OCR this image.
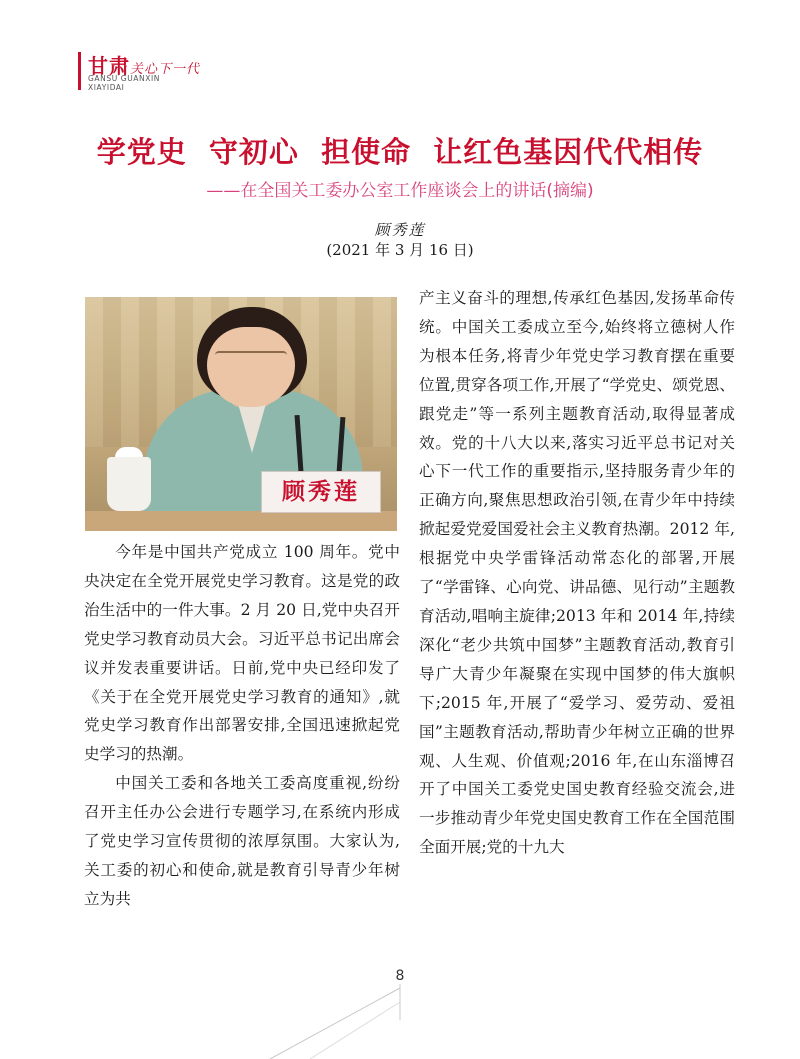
甘肃关心下一代
GANSU GUANXIN
XIAYIDAI
学党史  守初心  担使命  让红色基因代代相传
——在全国关工委办公室工作座谈会上的讲话(摘编)
顾秀莲
(2021 年 3 月 16 日)
顾秀莲

今年是中国共产党成立 100 周年。党中央决定在全党开展党史学习教育。这是党的政治生活中的一件大事。2 月 20 日,党中央召开党史学习教育动员大会。习近平总书记出席会议并发表重要讲话。日前,党中央已经印发了《关于在全党开展党史学习教育的通知》,就党史学习教育作出部署安排,全国迅速掀起党史学习的热潮。

中国关工委和各地关工委高度重视,纷纷召开主任办公会进行专题学习,在系统内形成了党史学习宣传贯彻的浓厚氛围。大家认为,关工委的初心和使命,就是教育引导青少年树立为共

产主义奋斗的理想,传承红色基因,发扬革命传统。中国关工委成立至今,始终将立德树人作为根本任务,将青少年党史学习教育摆在重要位置,贯穿各项工作,开展了“学党史、颂党恩、跟党走”等一系列主题教育活动,取得显著成效。党的十八大以来,落实习近平总书记对关心下一代工作的重要指示,坚持服务青少年的正确方向,聚焦思想政治引领,在青少年中持续掀起爱党爱国爱社会主义教育热潮。2012 年,根据党中央学雷锋活动常态化的部署,开展了“学雷锋、心向党、讲品德、见行动”主题教育活动,唱响主旋律;2013 年和 2014 年,持续深化“老少共筑中国梦”主题教育活动,教育引导广大青少年凝聚在实现中国梦的伟大旗帜下;2015 年,开展了“爱学习、爱劳动、爱祖国”主题教育活动,帮助青少年树立正确的世界观、人生观、价值观;2016 年,在山东淄博召开了中国关工委党史国史教育经验交流会,进一步推动青少年党史国史教育工作在全国范围全面开展;党的十九大

8
